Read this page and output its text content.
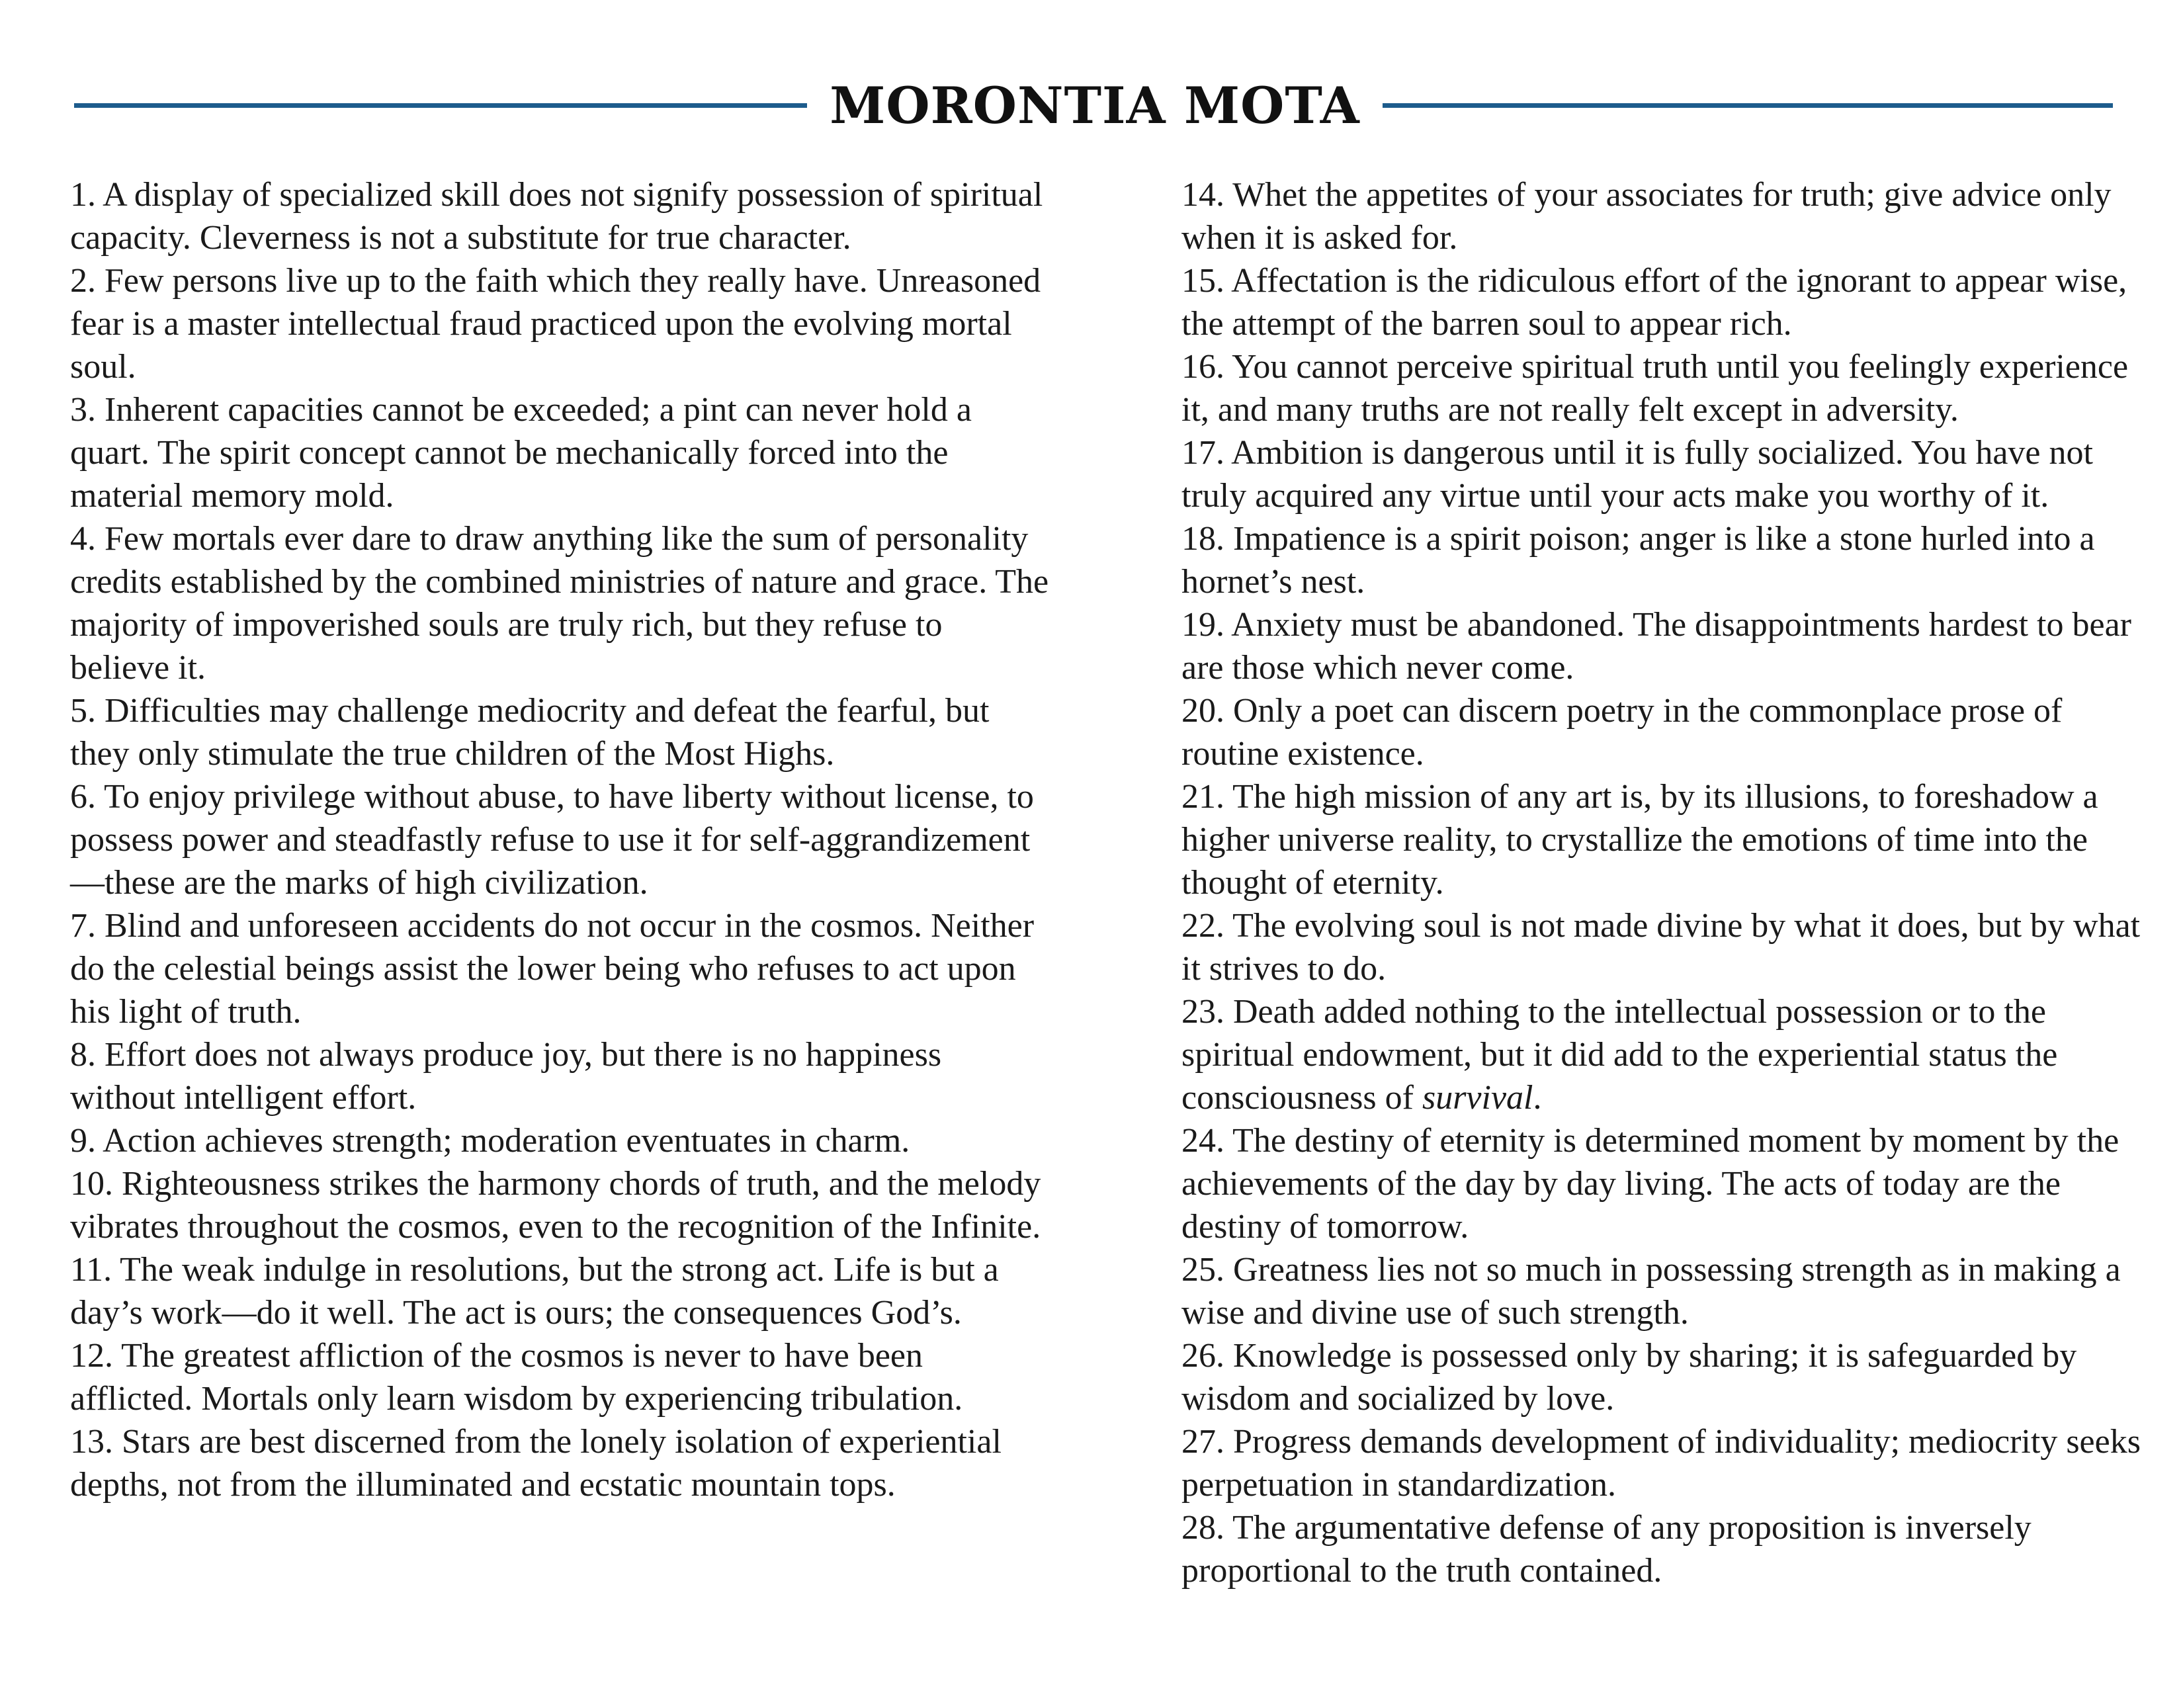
MORONTIA MOTA

1. A display of specialized skill does not signify possession of spiritual capacity. Cleverness is not a substitute for true character.

2. Few persons live up to the faith which they really have. Unreasoned fear is a master intellectual fraud practiced upon the evolving mortal soul.

3. Inherent capacities cannot be exceeded; a pint can never hold a quart. The spirit concept cannot be mechanically forced into the material memory mold.

4. Few mortals ever dare to draw anything like the sum of personality credits established by the combined ministries of nature and grace. The majority of impoverished souls are truly rich, but they refuse to believe it.

5. Difficulties may challenge mediocrity and defeat the fearful, but they only stimulate the true children of the Most Highs.

6. To enjoy privilege without abuse, to have liberty without license, to possess power and steadfastly refuse to use it for self-aggrandizement—these are the marks of high civilization.

7. Blind and unforeseen accidents do not occur in the cosmos. Neither do the celestial beings assist the lower being who refuses to act upon his light of truth.

8. Effort does not always produce joy, but there is no happiness without intelligent effort.

9. Action achieves strength; moderation eventuates in charm.

10. Righteousness strikes the harmony chords of truth, and the melody vibrates throughout the cosmos, even to the recognition of the Infinite.

11. The weak indulge in resolutions, but the strong act. Life is but a day’s work—do it well. The act is ours; the consequences God’s.

12. The greatest affliction of the cosmos is never to have been afflicted. Mortals only learn wisdom by experiencing tribulation.

13. Stars are best discerned from the lonely isolation of experiential depths, not from the illuminated and ecstatic mountain tops.

14. Whet the appetites of your associates for truth; give advice only when it is asked for.

15. Affectation is the ridiculous effort of the ignorant to appear wise, the attempt of the barren soul to appear rich.

16. You cannot perceive spiritual truth until you feelingly experience it, and many truths are not really felt except in adversity.

17. Ambition is dangerous until it is fully socialized. You have not truly acquired any virtue until your acts make you worthy of it.

18. Impatience is a spirit poison; anger is like a stone hurled into a hornet’s nest.

19. Anxiety must be abandoned. The disappointments hardest to bear are those which never come.

20. Only a poet can discern poetry in the commonplace prose of routine existence.

21. The high mission of any art is, by its illusions, to foreshadow a higher universe reality, to crystallize the emotions of time into the thought of eternity.

22. The evolving soul is not made divine by what it does, but by what it strives to do.

23. Death added nothing to the intellectual possession or to the spiritual endowment, but it did add to the experiential status the consciousness of survival.

24. The destiny of eternity is determined moment by moment by the achievements of the day by day living. The acts of today are the destiny of tomorrow.

25. Greatness lies not so much in possessing strength as in making a wise and divine use of such strength.

26. Knowledge is possessed only by sharing; it is safeguarded by wisdom and socialized by love.

27. Progress demands development of individuality; mediocrity seeks perpetuation in standardization.

28. The argumentative defense of any proposition is inversely proportional to the truth contained.
